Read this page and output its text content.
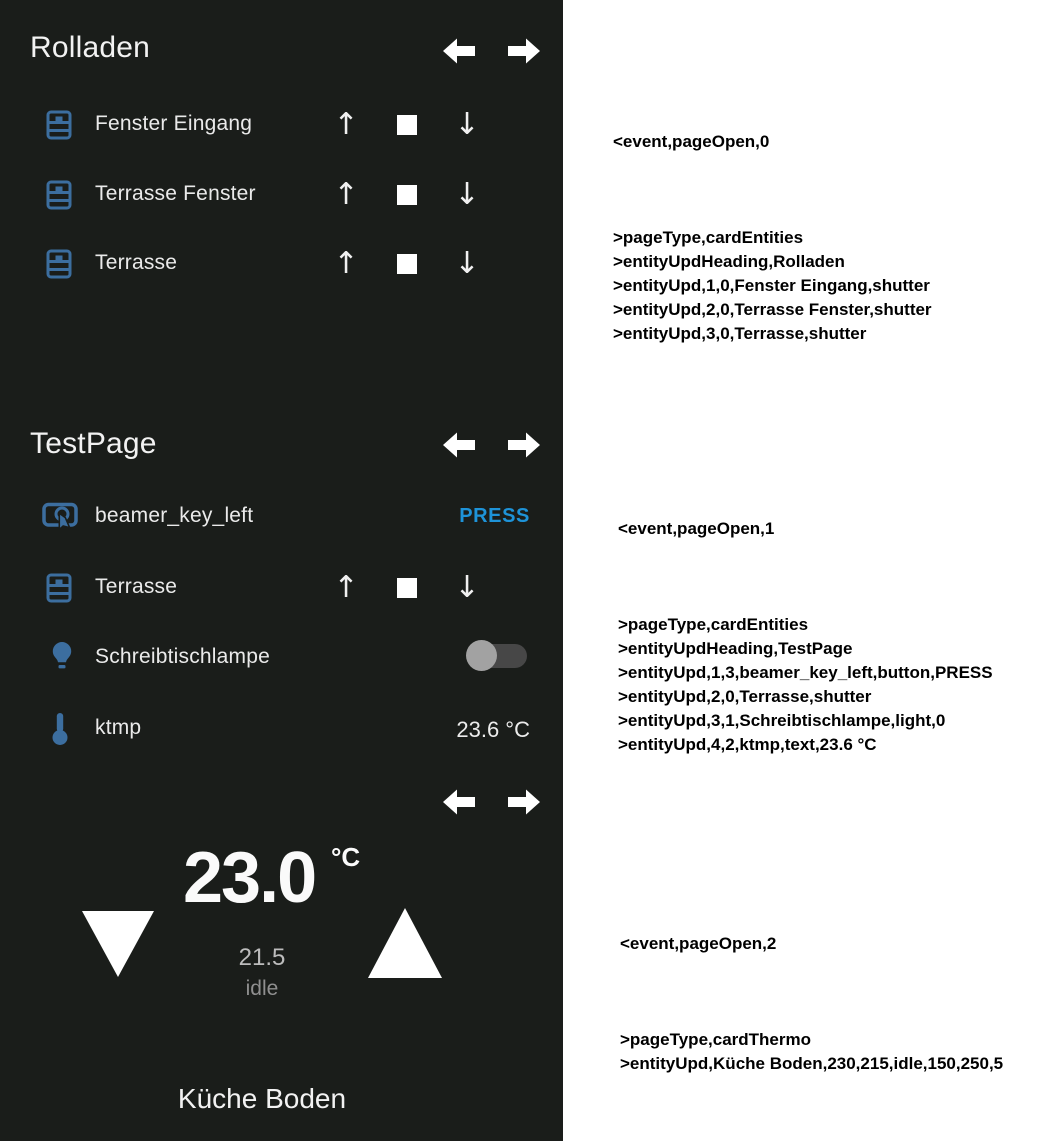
Rolladen
Fenster Eingang	↑	↓
Terrasse Fenster	↑	↓
Terrasse	↑	↓
TestPage
beamer_key_left	PRESS
Terrasse	↑	↓
Schreibtischlampe
ktmp	23.6 °C
23.0 °C
21.5
idle
Küche Boden

<event,pageOpen,0

>pageType,cardEntities
>entityUpdHeading,Rolladen
>entityUpd,1,0,Fenster Eingang,shutter
>entityUpd,2,0,Terrasse Fenster,shutter
>entityUpd,3,0,Terrasse,shutter

<event,pageOpen,1

>pageType,cardEntities
>entityUpdHeading,TestPage
>entityUpd,1,3,beamer_key_left,button,PRESS
>entityUpd,2,0,Terrasse,shutter
>entityUpd,3,1,Schreibtischlampe,light,0
>entityUpd,4,2,ktmp,text,23.6 °C

<event,pageOpen,2

>pageType,cardThermo
>entityUpd,Küche Boden,230,215,idle,150,250,5
